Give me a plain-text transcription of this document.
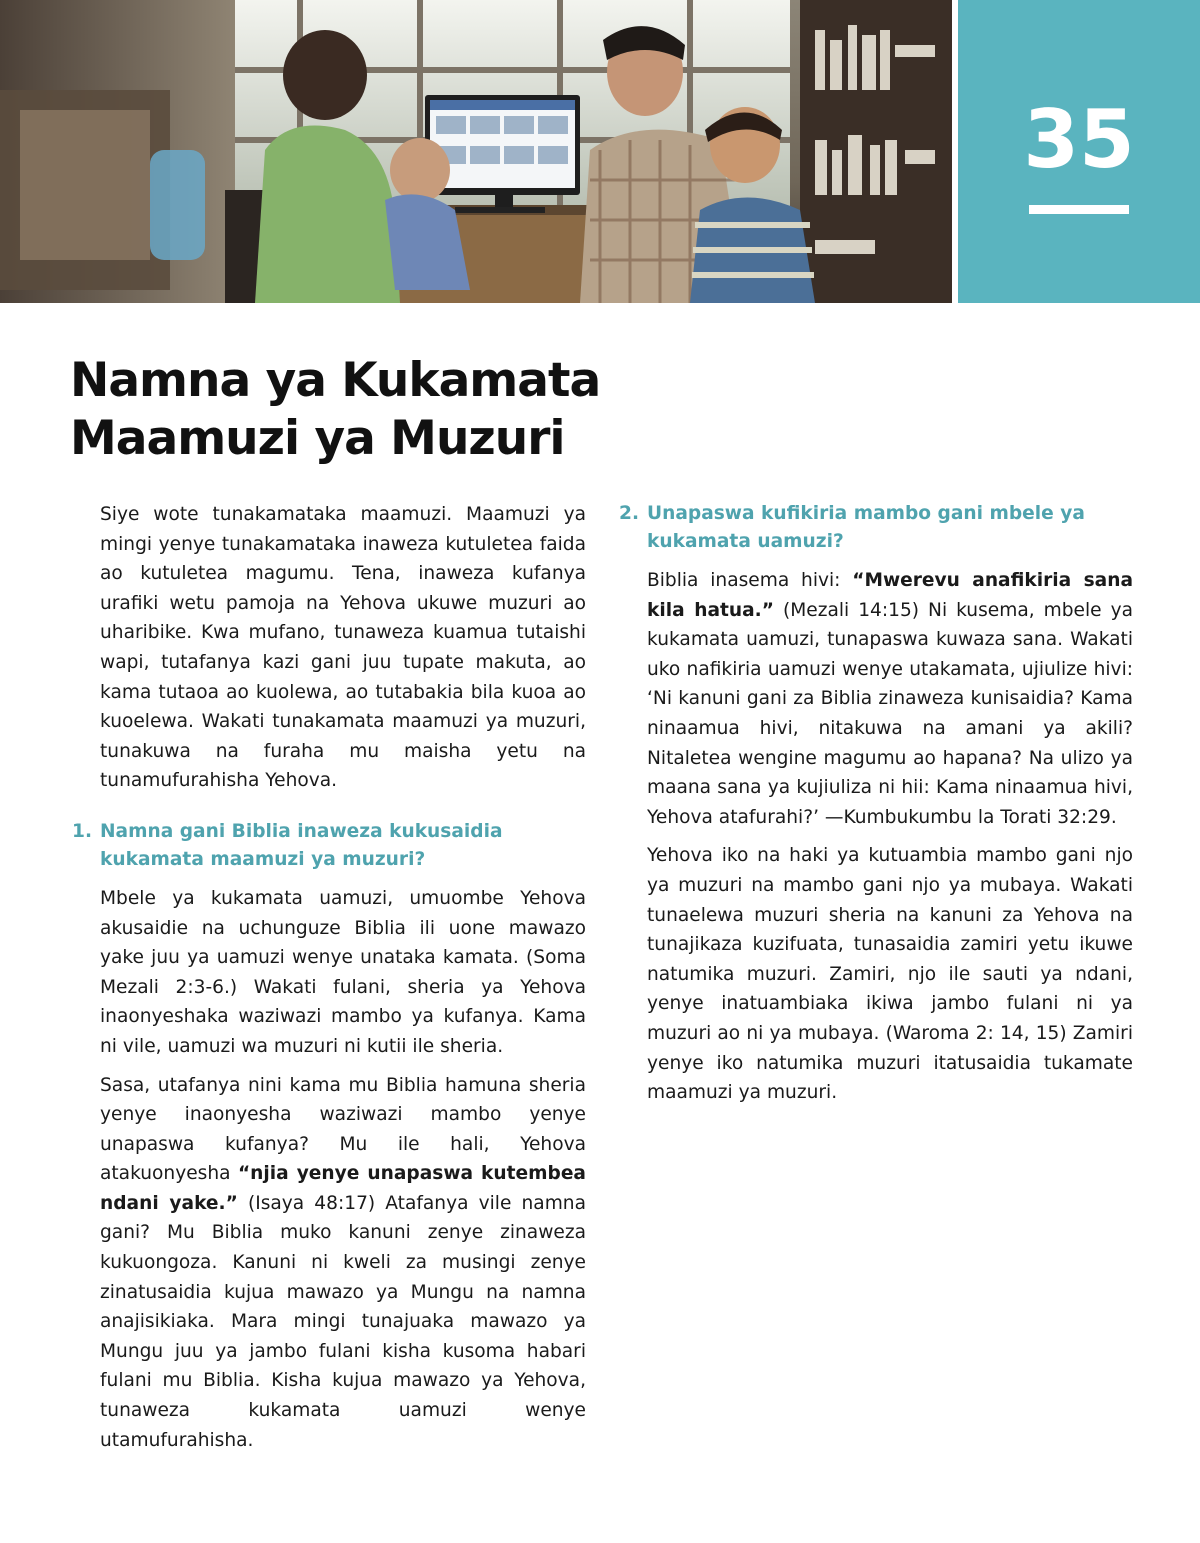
35
Namna ya Kukamata
Maamuzi ya Muzuri

Siye wote tunakamataka maamuzi. Maamuzi ya mingi yenye tunakamataka inaweza kutuletea faida ao kutuletea magumu. Tena, inaweza kufanya urafiki wetu pamoja na Yehova ukuwe muzuri ao uharibike. Kwa mufano, tunaweza kuamua tutaishi wapi, tutafanya kazi gani juu tupate makuta, ao kama tutaoa ao kuolewa, ao tutabakia bila kuoa ao kuoelewa. Wakati tunakamata maamuzi ya muzuri, tunakuwa na furaha mu maisha yetu na tunamufurahisha Yehova.

1. Namna gani Biblia inaweza kukusaidia kukamata maamuzi ya muzuri?

Mbele ya kukamata uamuzi, umuombe Yehova akusaidie na uchunguze Biblia ili uone mawazo yake juu ya uamuzi wenye unataka kamata. (Soma Mezali 2:3-6.) Wakati fulani, sheria ya Yehova inaonyeshaka waziwazi mambo ya kufanya. Kama ni vile, uamuzi wa muzuri ni kutii ile sheria.

Sasa, utafanya nini kama mu Biblia hamuna sheria yenye inaonyesha waziwazi mambo yenye unapaswa kufanya? Mu ile hali, Yehova atakuonyesha “njia yenye unapaswa kutembea ndani yake.” (Isaya 48:17) Atafanya vile namna gani? Mu Biblia muko kanuni zenye zinaweza kukuongoza. Kanuni ni kweli za musingi zenye zinatusaidia kujua mawazo ya Mungu na namna anajisikiaka. Mara mingi tunajuaka mawazo ya Mungu juu ya jambo fulani kisha kusoma habari fulani mu Biblia. Kisha kujua mawazo ya Yehova, tunaweza kukamata uamuzi wenye utamufurahisha.

2. Unapaswa kufikiria mambo gani mbele ya kukamata uamuzi?

Biblia inasema hivi: “Mwerevu anafikiria sana kila hatua.” (Mezali 14:15) Ni kusema, mbele ya kukamata uamuzi, tunapaswa kuwaza sana. Wakati uko nafikiria uamuzi wenye utakamata, ujiulize hivi: ‘Ni kanuni gani za Biblia zinaweza kunisaidia? Kama ninaamua hivi, nitakuwa na amani ya akili? Nitaletea wengine magumu ao hapana? Na ulizo ya maana sana ya kujiuliza ni hii: Kama ninaamua hivi, Yehova atafurahi?’ —Kumbukumbu la Torati 32:29.

Yehova iko na haki ya kutuambia mambo gani njo ya muzuri na mambo gani njo ya mubaya. Wakati tunaelewa muzuri sheria na kanuni za Yehova na tunajikaza kuzifuata, tunasaidia zamiri yetu ikuwe natumika muzuri. Zamiri, njo ile sauti ya ndani, yenye inatuambiaka ikiwa jambo fulani ni ya muzuri ao ni ya mubaya. (Waroma 2: 14, 15) Zamiri yenye iko natumika muzuri itatusaidia tukamate maamuzi ya muzuri.
